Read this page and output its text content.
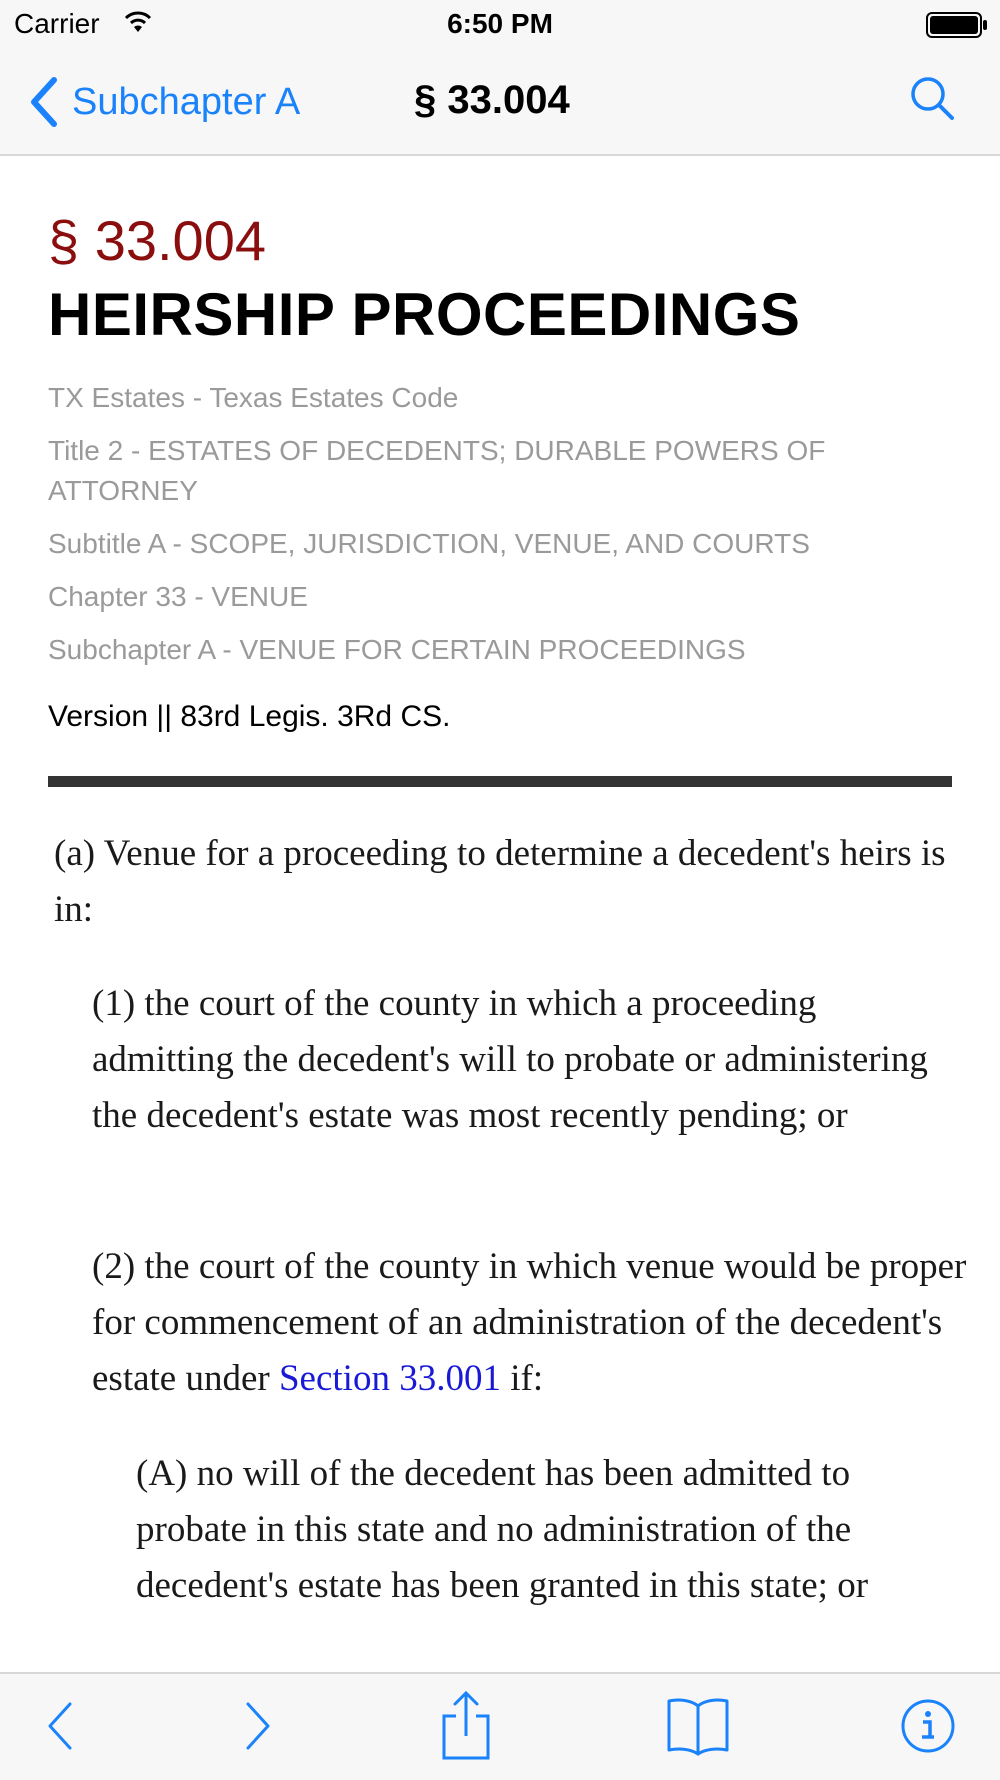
Carrier	6:50 PM
Subchapter A	§ 33.004
§ 33.004
HEIRSHIP PROCEEDINGS
TX Estates - Texas Estates Code
Title 2 - ESTATES OF DECEDENTS; DURABLE POWERS OF ATTORNEY
Subtitle A - SCOPE, JURISDICTION, VENUE, AND COURTS
Chapter 33 - VENUE
Subchapter A - VENUE FOR CERTAIN PROCEEDINGS
Version || 83rd Legis. 3Rd CS.
(a) Venue for a proceeding to determine a decedent's heirs is in:
(1) the court of the county in which a proceeding admitting the decedent's will to probate or administering the decedent's estate was most recently pending; or
(2) the court of the county in which venue would be proper for commencement of an administration of the decedent's estate under Section 33.001 if:
(A) no will of the decedent has been admitted to probate in this state and no administration of the decedent's estate has been granted in this state; or
